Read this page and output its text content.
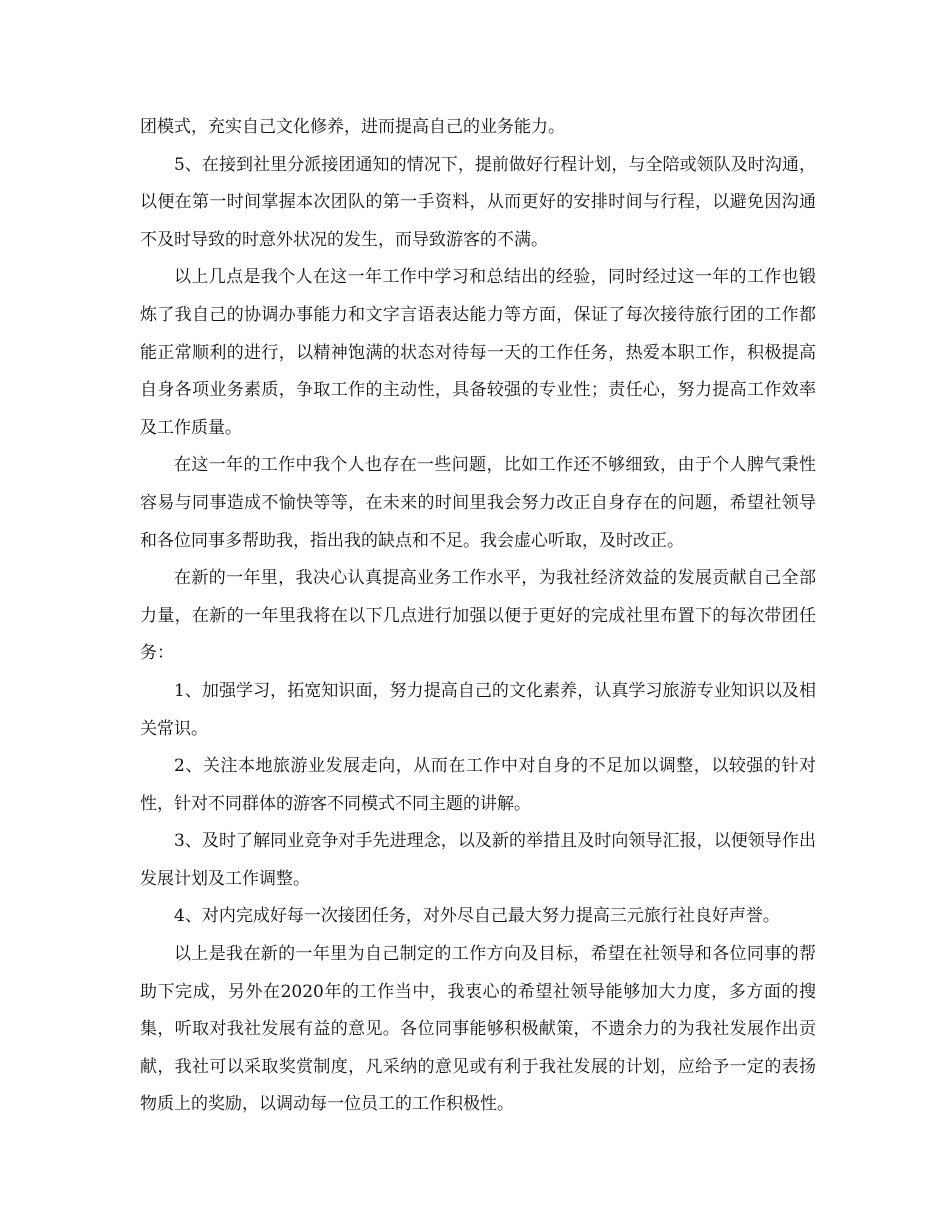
团模式，充实自己文化修养，进而提高自己的业务能力。

5、在接到社里分派接团通知的情况下，提前做好行程计划，与全陪或领队及时沟通，以便在第一时间掌握本次团队的第一手资料，从而更好的安排时间与行程，以避免因沟通不及时导致的时意外状况的发生，而导致游客的不满。

以上几点是我个人在这一年工作中学习和总结出的经验，同时经过这一年的工作也锻炼了我自己的协调办事能力和文字言语表达能力等方面，保证了每次接待旅行团的工作都能正常顺利的进行，以精神饱满的状态对待每一天的工作任务，热爱本职工作，积极提高自身各项业务素质，争取工作的主动性，具备较强的专业性；责任心，努力提高工作效率及工作质量。

在这一年的工作中我个人也存在一些问题，比如工作还不够细致，由于个人脾气秉性容易与同事造成不愉快等等，在未来的时间里我会努力改正自身存在的问题，希望社领导和各位同事多帮助我，指出我的缺点和不足。我会虚心听取，及时改正。

在新的一年里，我决心认真提高业务工作水平，为我社经济效益的发展贡献自己全部力量，在新的一年里我将在以下几点进行加强以便于更好的完成社里布置下的每次带团任务：

1、加强学习，拓宽知识面，努力提高自己的文化素养，认真学习旅游专业知识以及相关常识。

2、关注本地旅游业发展走向，从而在工作中对自身的不足加以调整，以较强的针对性，针对不同群体的游客不同模式不同主题的讲解。

3、及时了解同业竞争对手先进理念，以及新的举措且及时向领导汇报，以便领导作出发展计划及工作调整。

4、对内完成好每一次接团任务，对外尽自己最大努力提高三元旅行社良好声誉。

以上是我在新的一年里为自己制定的工作方向及目标，希望在社领导和各位同事的帮助下完成，另外在2020年的工作当中，我衷心的希望社领导能够加大力度，多方面的搜集，听取对我社发展有益的意见。各位同事能够积极献策，不遗余力的为我社发展作出贡献，我社可以采取奖赏制度，凡采纳的意见或有利于我社发展的计划，应给予一定的表扬物质上的奖励，以调动每一位员工的工作积极性。
